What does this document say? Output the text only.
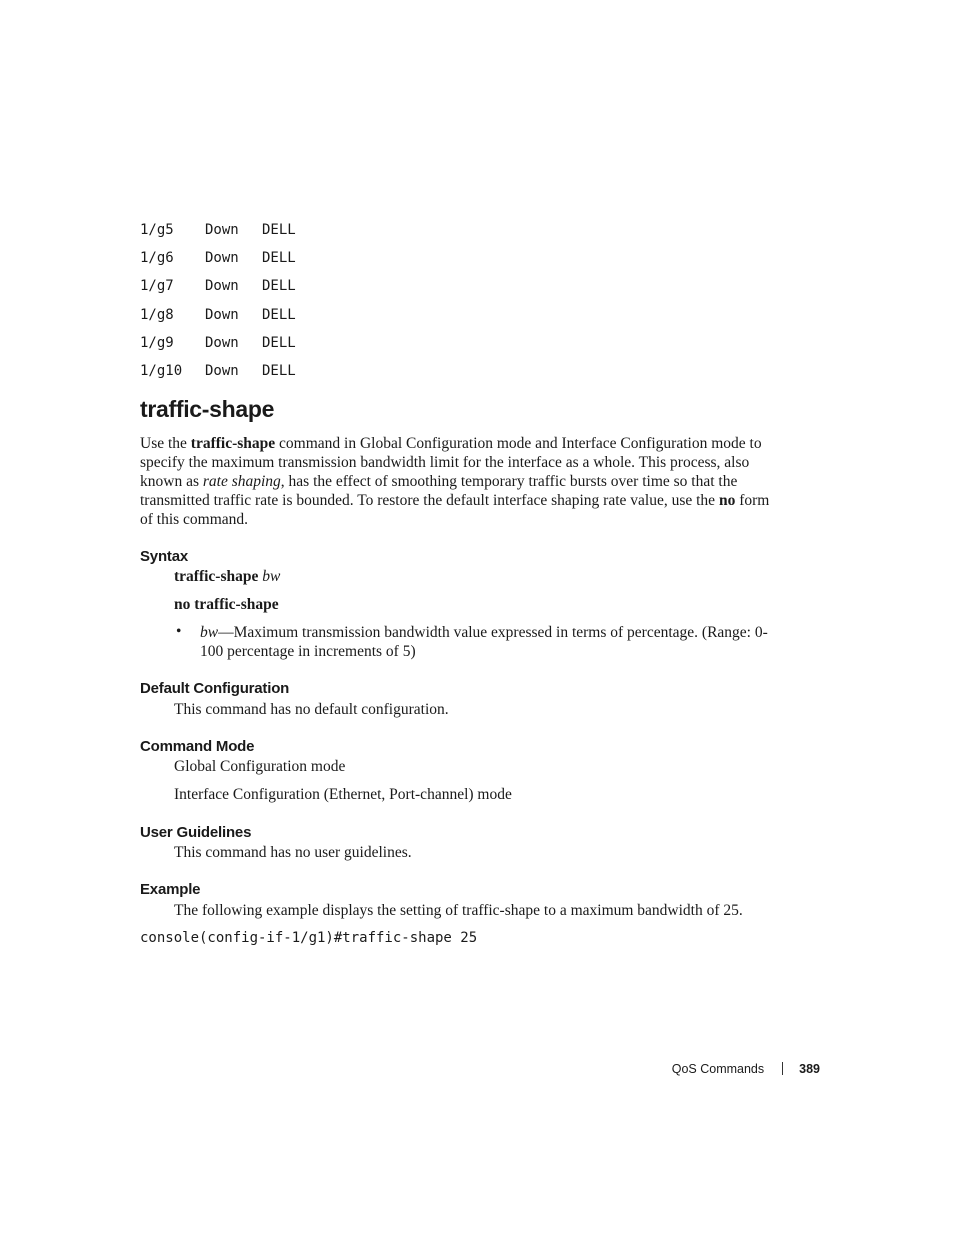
1/g5 Down DELL
1/g6 Down DELL
1/g7 Down DELL
1/g8 Down DELL
1/g9 Down DELL
1/g10 Down DELL
traffic-shape

Use the traffic-shape command in Global Configuration mode and Interface Configuration mode to specify the maximum transmission bandwidth limit for the interface as a whole. This process, also known as rate shaping, has the effect of smoothing temporary traffic bursts over time so that the transmitted traffic rate is bounded. To restore the default interface shaping rate value, use the no form of this command.

Syntax

traffic-shape bw

no traffic-shape

• bw—Maximum transmission bandwidth value expressed in terms of percentage. (Range: 0-100 percentage in increments of 5)

Default Configuration

This command has no default configuration.

Command Mode

Global Configuration mode

Interface Configuration (Ethernet, Port-channel) mode

User Guidelines

This command has no user guidelines.

Example

The following example displays the setting of traffic-shape to a maximum bandwidth of 25.

console(config-if-1/g1)#traffic-shape 25
QoS Commands	389
